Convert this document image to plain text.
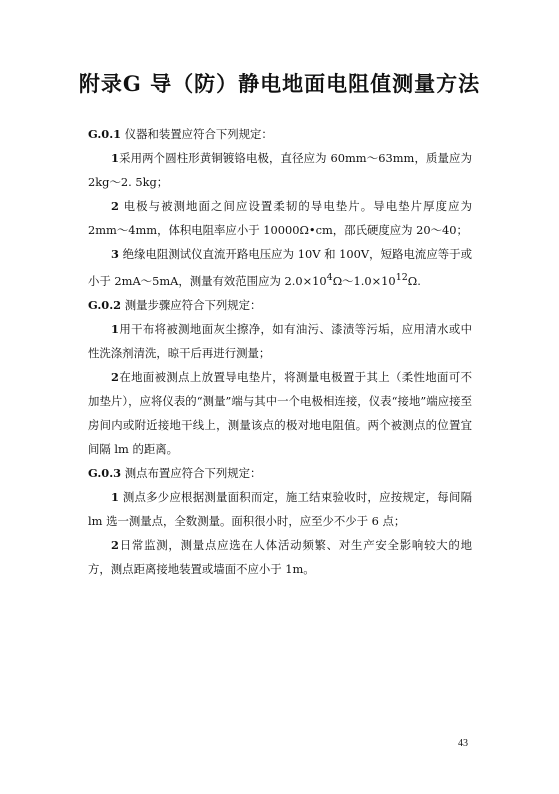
附录G 导（防）静电地面电阻值测量方法

G.0.1 仪器和装置应符合下列规定：

1采用两个圆柱形黄铜镀铬电极，直径应为 60mm～63mm，质量应为 2kg～2. 5kg；

2 电极与被测地面之间应设置柔韧的导电垫片。导电垫片厚度应为 2mm～4mm，体积电阻率应小于 10000Ω•cm，邵氏硬度应为 20～40；

3 绝缘电阻测试仪直流开路电压应为 10V 和 100V，短路电流应等于或小于 2mA～5mA，测量有效范围应为 $2.0\times 10^4\Omega\sim 1.0\times 10^{12}\Omega$.

G.0.2 测量步骤应符合下列规定：

1用干布将被测地面灰尘擦净，如有油污、漆渍等污垢，应用清水或中性洗涤剂清洗，晾干后再进行测量；

2在地面被测点上放置导电垫片，将测量电极置于其上（柔性地面可不加垫片），应将仪表的“测量”端与其中一个电极相连接，仪表“接地”端应接至房间内或附近接地干线上，测量该点的极对地电阻值。两个被测点的位置宜间隔 lm 的距离。

G.0.3 测点布置应符合下列规定：

1 测点多少应根据测量面积而定，施工结束验收时，应按规定，每间隔 lm 选一测量点，全数测量。面积很小时，应至少不少于 6 点；

2日常监测，测量点应选在人体活动频繁、对生产安全影响较大的地方，测点距离接地装置或墙面不应小于 1m。

43
